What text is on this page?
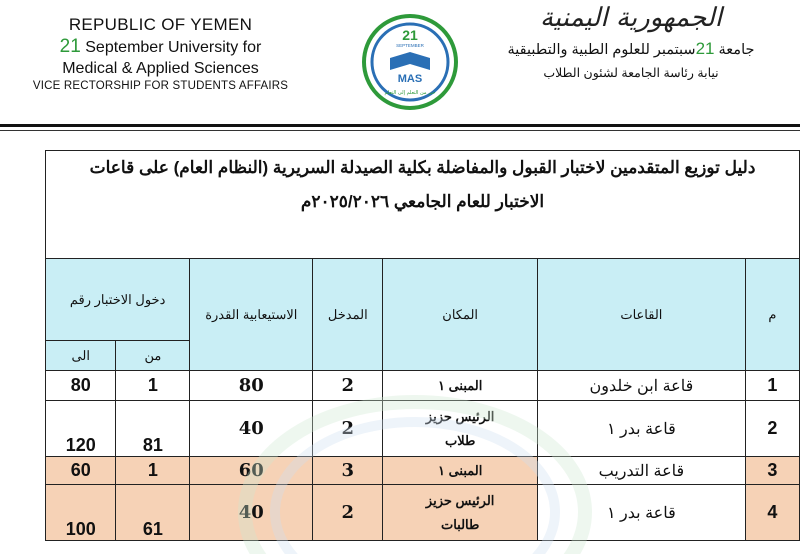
REPUBLIC OF YEMEN
21 September University for
Medical & Applied Sciences
VICE RECTORSHIP FOR STUDENTS AFFAIRS
21
SEPTEMBER
MAS
خير من التعلم إلى التعلم
الجمهورية اليمنية
جامعة 21سبتمبر للعلوم الطبية والتطبيقية
نيابة رئاسة الجامعة لشئون الطلاب
دليل توزيع المتقدمين لاختبار القبول والمفاضلة بكلية الصيدلة السريرية (النظام العام) على قاعات
الاختبار للعام الجامعي ٢٠٢٥/٢٠٢٦م						

م	القاعات	المكان	المدخل	الاستيعابية القدرة	دخول الاختبار رقم	
					من	الى
1	قاعة ابن خلدون	المبنى ١	2	80	1	80
2	قاعة بدر ١	الرئيس حزيز
طلاب	2	40	81	120
3	قاعة التدريب	المبنى ١	3	60	1	60
4	قاعة بدر ١	الرئيس حزيز
طالبات	2	40	61	100
